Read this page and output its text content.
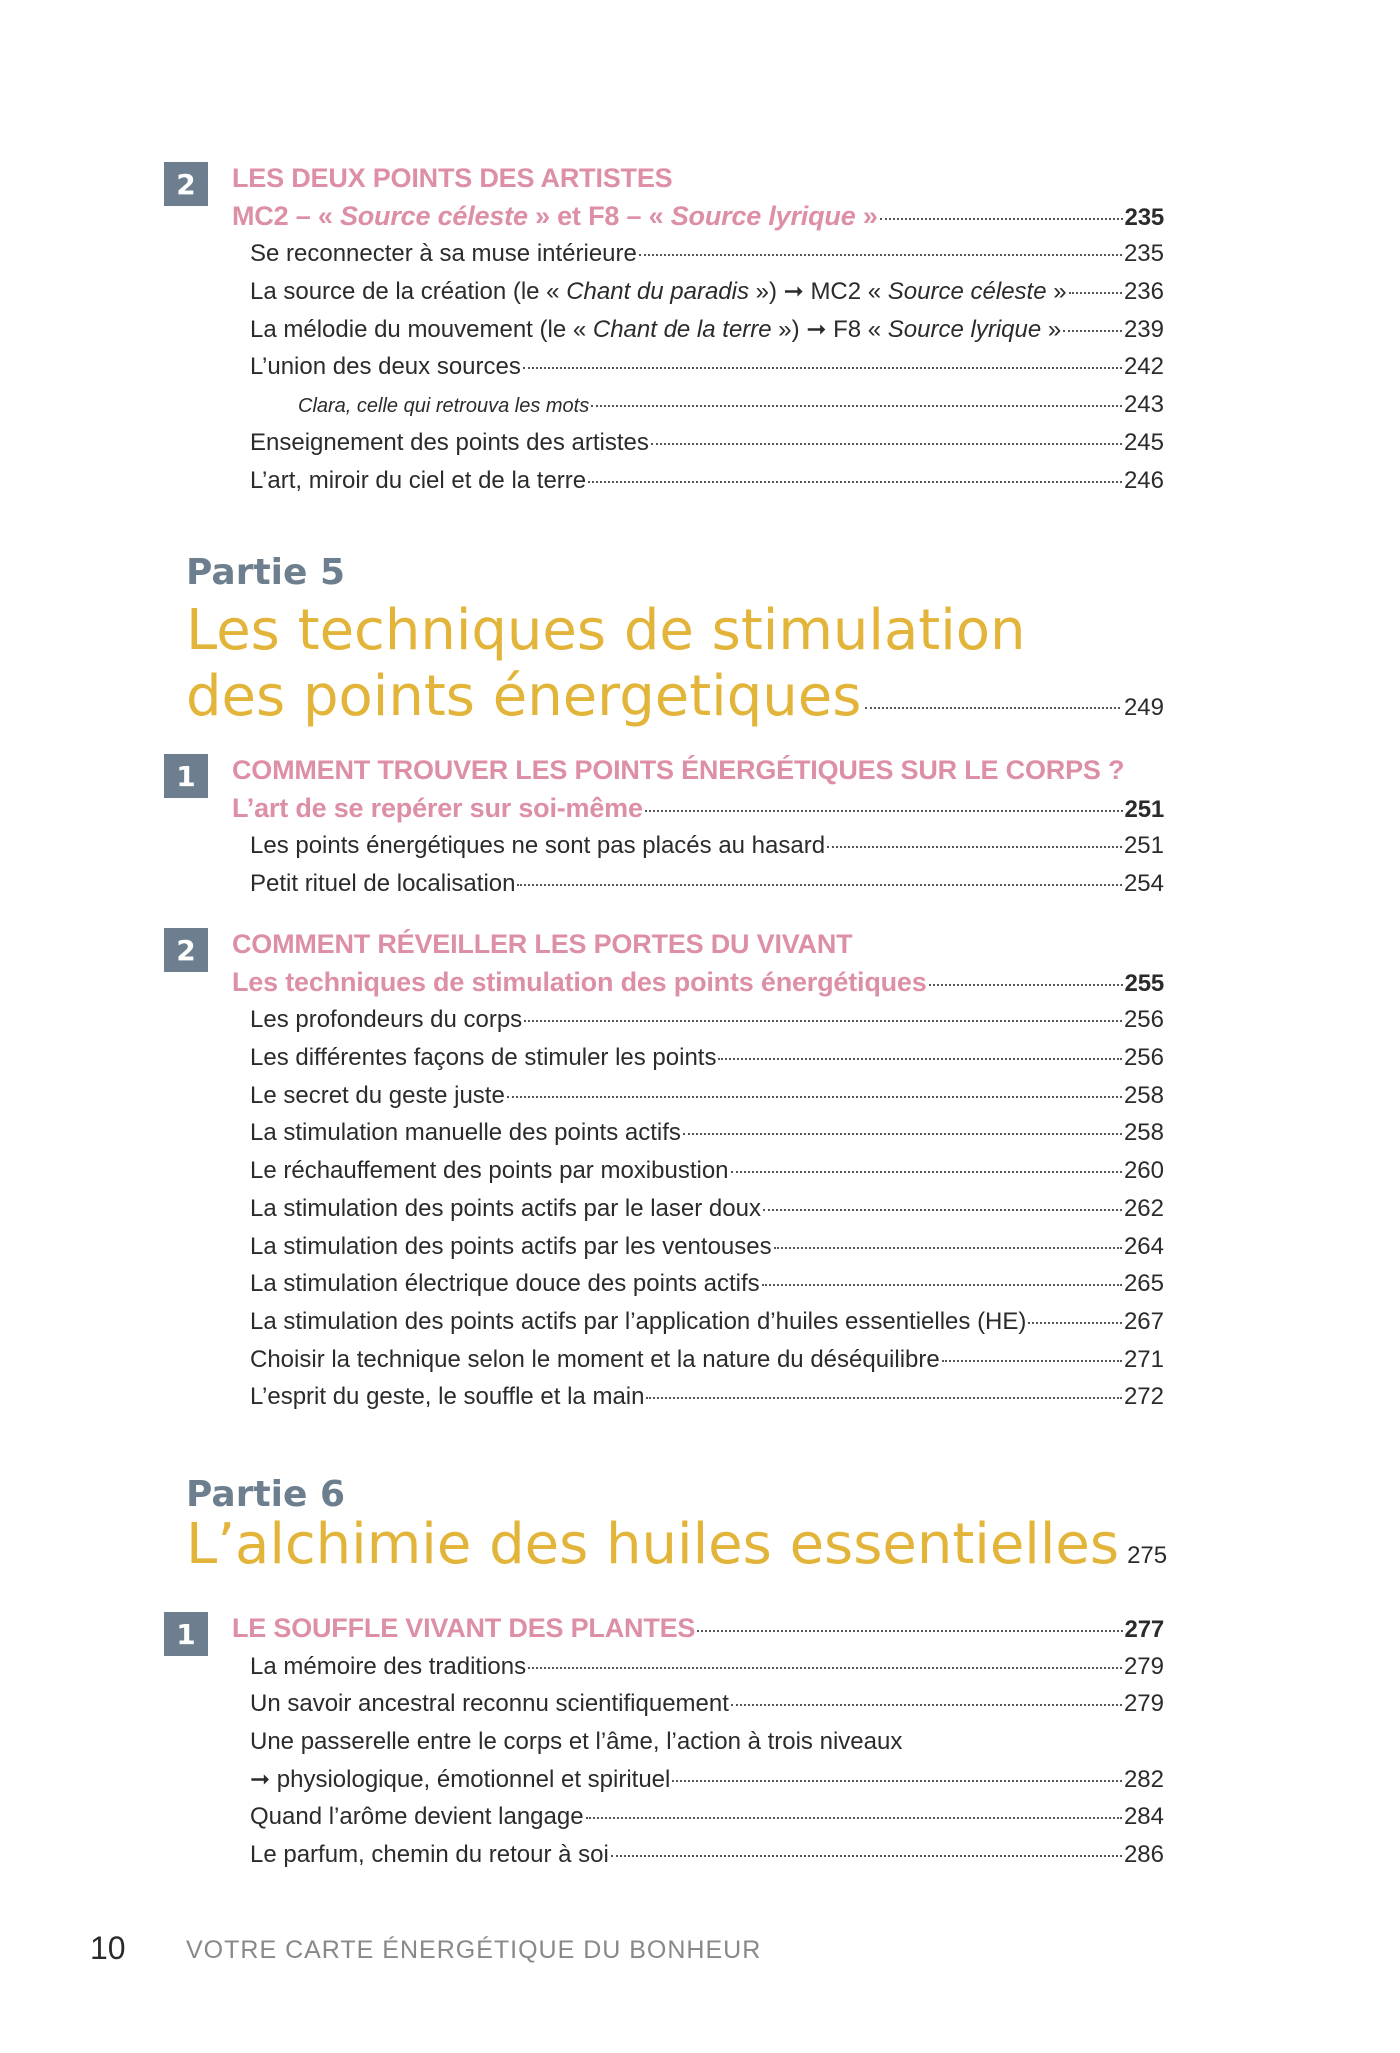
2	LES DEUX POINTS DES ARTISTES
MC2 – « Source céleste » et F8 – « Source lyrique »	235
Se reconnecter à sa muse intérieure	235
La source de la création (le « Chant du paradis ») ➞ MC2 « Source céleste » 236
La mélodie du mouvement (le « Chant de la terre ») ➞ F8 « Source lyrique »	239
L’union des deux sources	242
Clara, celle qui retrouva les mots	243
Enseignement des points des artistes	245
L’art, miroir du ciel et de la terre	246
Partie 5
Les techniques de stimulation
des points énergetiques	249
1	COMMENT TROUVER LES POINTS ÉNERGÉTIQUES SUR LE CORPS ?
L’art de se repérer sur soi-même	251
Les points énergétiques ne sont pas placés au hasard	251
Petit rituel de localisation	254
2	COMMENT RÉVEILLER LES PORTES DU VIVANT
Les techniques de stimulation des points énergétiques	255
Les profondeurs du corps	256
Les différentes façons de stimuler les points	256
Le secret du geste juste	258
La stimulation manuelle des points actifs	258
Le réchauffement des points par moxibustion	260
La stimulation des points actifs par le laser doux	262
La stimulation des points actifs par les ventouses	264
La stimulation électrique douce des points actifs	265
La stimulation des points actifs par l’application d’huiles essentielles (HE)	267
Choisir la technique selon le moment et la nature du déséquilibre	271
L’esprit du geste, le souffle et la main	272
Partie 6
L’alchimie des huiles essentielles 275
1	LE SOUFFLE VIVANT DES PLANTES	277
La mémoire des traditions	279
Un savoir ancestral reconnu scientifiquement	279
Une passerelle entre le corps et l’âme, l’action à trois niveaux
➞ physiologique, émotionnel et spirituel	282
Quand l’arôme devient langage	284
Le parfum, chemin du retour à soi	286
10 VOTRE CARTE ÉNERGÉTIQUE DU BONHEUR
